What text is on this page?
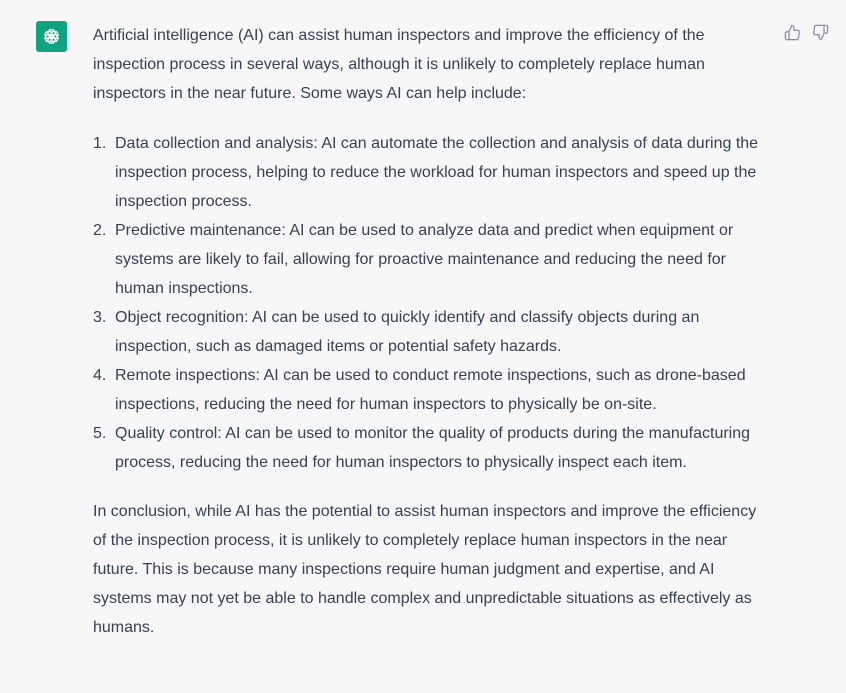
Artificial intelligence (AI) can assist human inspectors and improve the efficiency of the inspection process in several ways, although it is unlikely to completely replace human inspectors in the near future. Some ways AI can help include:

1. Data collection and analysis: AI can automate the collection and analysis of data during the inspection process, helping to reduce the workload for human inspectors and speed up the inspection process.
2. Predictive maintenance: AI can be used to analyze data and predict when equipment or systems are likely to fail, allowing for proactive maintenance and reducing the need for human inspections.
3. Object recognition: AI can be used to quickly identify and classify objects during an inspection, such as damaged items or potential safety hazards.
4. Remote inspections: AI can be used to conduct remote inspections, such as drone-based inspections, reducing the need for human inspectors to physically be on-site.
5. Quality control: AI can be used to monitor the quality of products during the manufacturing process, reducing the need for human inspectors to physically inspect each item.

In conclusion, while AI has the potential to assist human inspectors and improve the efficiency of the inspection process, it is unlikely to completely replace human inspectors in the near future. This is because many inspections require human judgment and expertise, and AI systems may not yet be able to handle complex and unpredictable situations as effectively as humans.
